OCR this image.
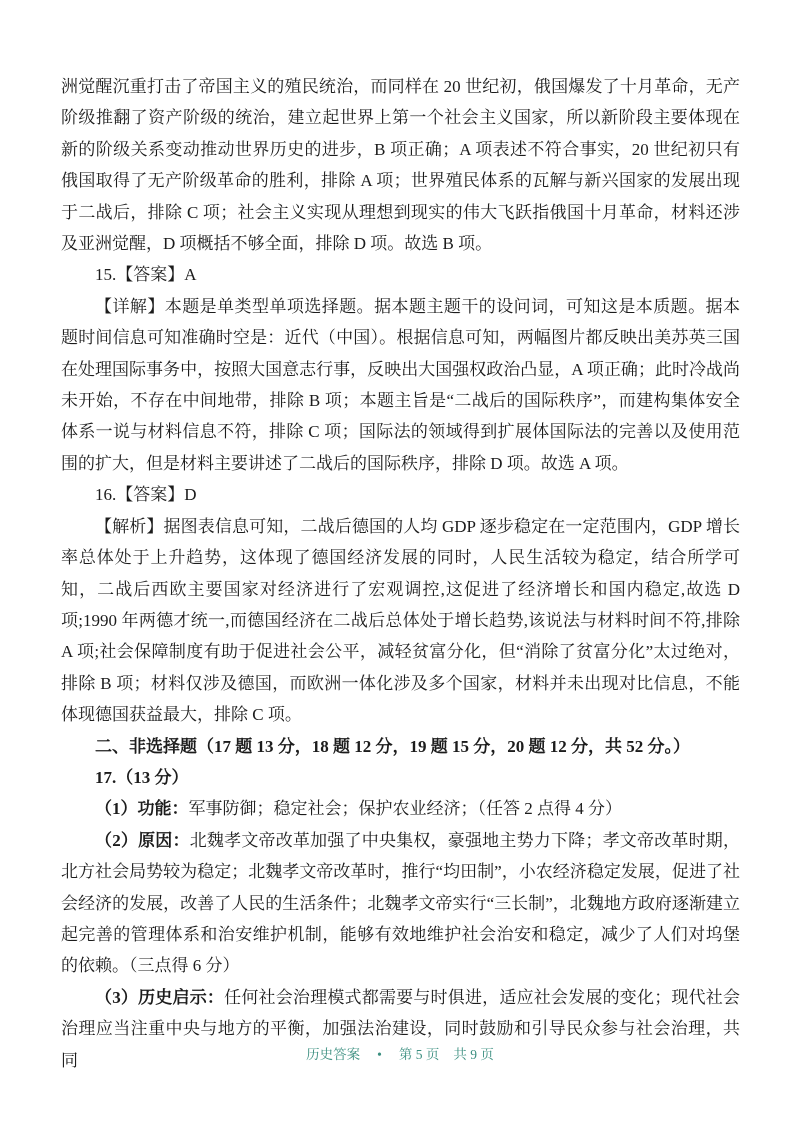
洲觉醒沉重打击了帝国主义的殖民统治，而同样在 20 世纪初，俄国爆发了十月革命，无产阶级推翻了资产阶级的统治，建立起世界上第一个社会主义国家，所以新阶段主要体现在新的阶级关系变动推动世界历史的进步，B 项正确；A 项表述不符合事实，20 世纪初只有俄国取得了无产阶级革命的胜利，排除 A 项；世界殖民体系的瓦解与新兴国家的发展出现于二战后，排除 C 项；社会主义实现从理想到现实的伟大飞跃指俄国十月革命，材料还涉及亚洲觉醒，D 项概括不够全面，排除 D 项。故选 B 项。
15.【答案】A
【详解】本题是单类型单项选择题。据本题主题干的设问词，可知这是本质题。据本题时间信息可知准确时空是：近代（中国）。根据信息可知，两幅图片都反映出美苏英三国在处理国际事务中，按照大国意志行事，反映出大国强权政治凸显，A 项正确；此时冷战尚未开始，不存在中间地带，排除 B 项；本题主旨是“二战后的国际秩序”，而建构集体安全体系一说与材料信息不符，排除 C 项；国际法的领域得到扩展体国际法的完善以及使用范围的扩大，但是材料主要讲述了二战后的国际秩序，排除 D 项。故选 A 项。
16.【答案】D
【解析】据图表信息可知，二战后德国的人均 GDP 逐步稳定在一定范围内，GDP 增长率总体处于上升趋势，这体现了德国经济发展的同时，人民生活较为稳定，结合所学可知，二战后西欧主要国家对经济进行了宏观调控,这促进了经济增长和国内稳定,故选 D 项;1990 年两德才统一,而德国经济在二战后总体处于增长趋势,该说法与材料时间不符,排除 A 项;社会保障制度有助于促进社会公平，减轻贫富分化，但“消除了贫富分化”太过绝对，排除 B 项；材料仅涉及德国，而欧洲一体化涉及多个国家，材料并未出现对比信息，不能体现德国获益最大，排除 C 项。
二、非选择题（17 题 13 分，18 题 12 分，19 题 15 分，20 题 12 分，共 52 分。）
17.（13 分）
（1）功能：军事防御；稳定社会；保护农业经济；（任答 2 点得 4 分）
（2）原因：北魏孝文帝改革加强了中央集权，豪强地主势力下降；孝文帝改革时期，北方社会局势较为稳定；北魏孝文帝改革时，推行“均田制”，小农经济稳定发展，促进了社会经济的发展，改善了人民的生活条件；北魏孝文帝实行“三长制”，北魏地方政府逐渐建立起完善的管理体系和治安维护机制，能够有效地维护社会治安和稳定，减少了人们对坞堡的依赖。（三点得 6 分）
（3）历史启示：任何社会治理模式都需要与时俱进，适应社会发展的变化；现代社会治理应当注重中央与地方的平衡，加强法治建设，同时鼓励和引导民众参与社会治理，共同	历史答案 • 第 5 页 共 9 页
